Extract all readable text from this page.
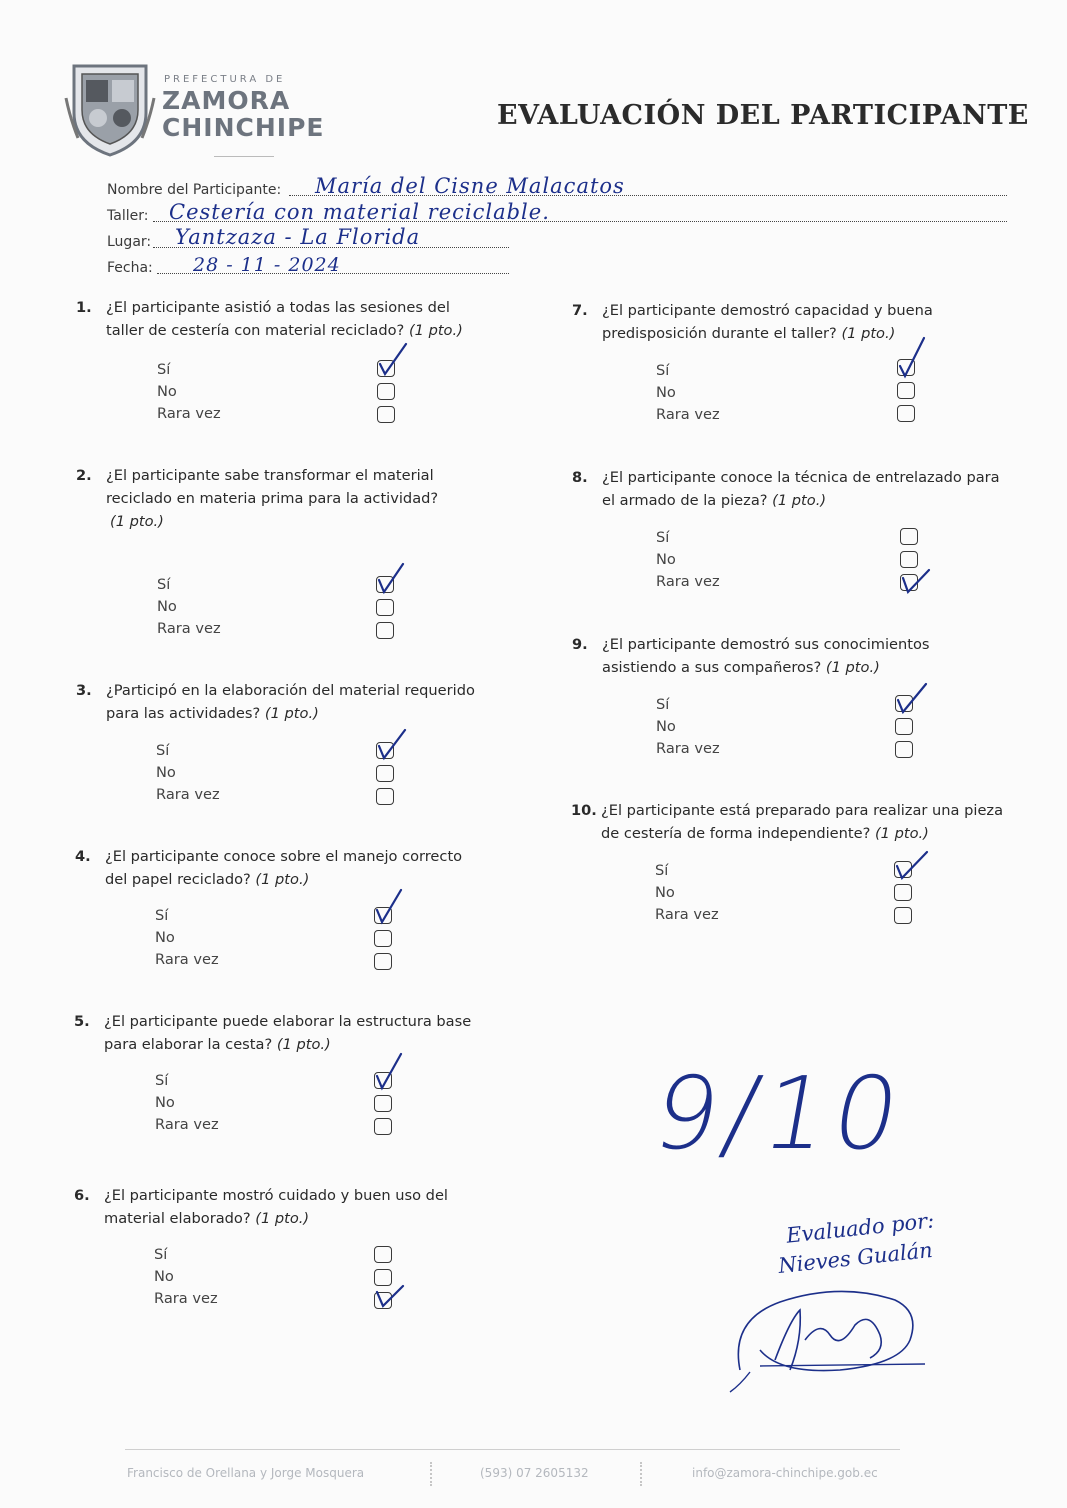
PREFECTURA DE
ZAMORA
CHINCHIPE	EVALUACIÓN DEL PARTICIPANTE
Nombre del Participante: María del Cisne Malacatos
Taller: Cestería con material reciclable.
Lugar: Yantzaza - La Florida
Fecha: 28 - 11 - 2024
1. ¿El participante asistió a todas las sesiones del
taller de cestería con material reciclado? (1 pto.)
Sí
No
Rara vez
2. ¿El participante sabe transformar el material
reciclado en materia prima para la actividad?
(1 pto.)
Sí
No
Rara vez
3. ¿Participó en la elaboración del material requerido
para las actividades? (1 pto.)
Sí
No
Rara vez
4. ¿El participante conoce sobre el manejo correcto
del papel reciclado? (1 pto.)
Sí
No
Rara vez
5. ¿El participante puede elaborar la estructura base
para elaborar la cesta? (1 pto.)
Sí
No
Rara vez
6. ¿El participante mostró cuidado y buen uso del
material elaborado? (1 pto.)
Sí
No
Rara vez
7. ¿El participante demostró capacidad y buena
predisposición durante el taller? (1 pto.)
Sí
No
Rara vez
8. ¿El participante conoce la técnica de entrelazado para
el armado de la pieza? (1 pto.)
Sí
No
Rara vez
9. ¿El participante demostró sus conocimientos
asistiendo a sus compañeros? (1 pto.)
Sí
No
Rara vez
10. ¿El participante está preparado para realizar una pieza
de cestería de forma independiente? (1 pto.)
Sí
No
Rara vez
9/10
Evaluado por:
Nieves Gualán
Francisco de Orellana y Jorge Mosquera	(593) 07 2605132	info@zamora-chinchipe.gob.ec
